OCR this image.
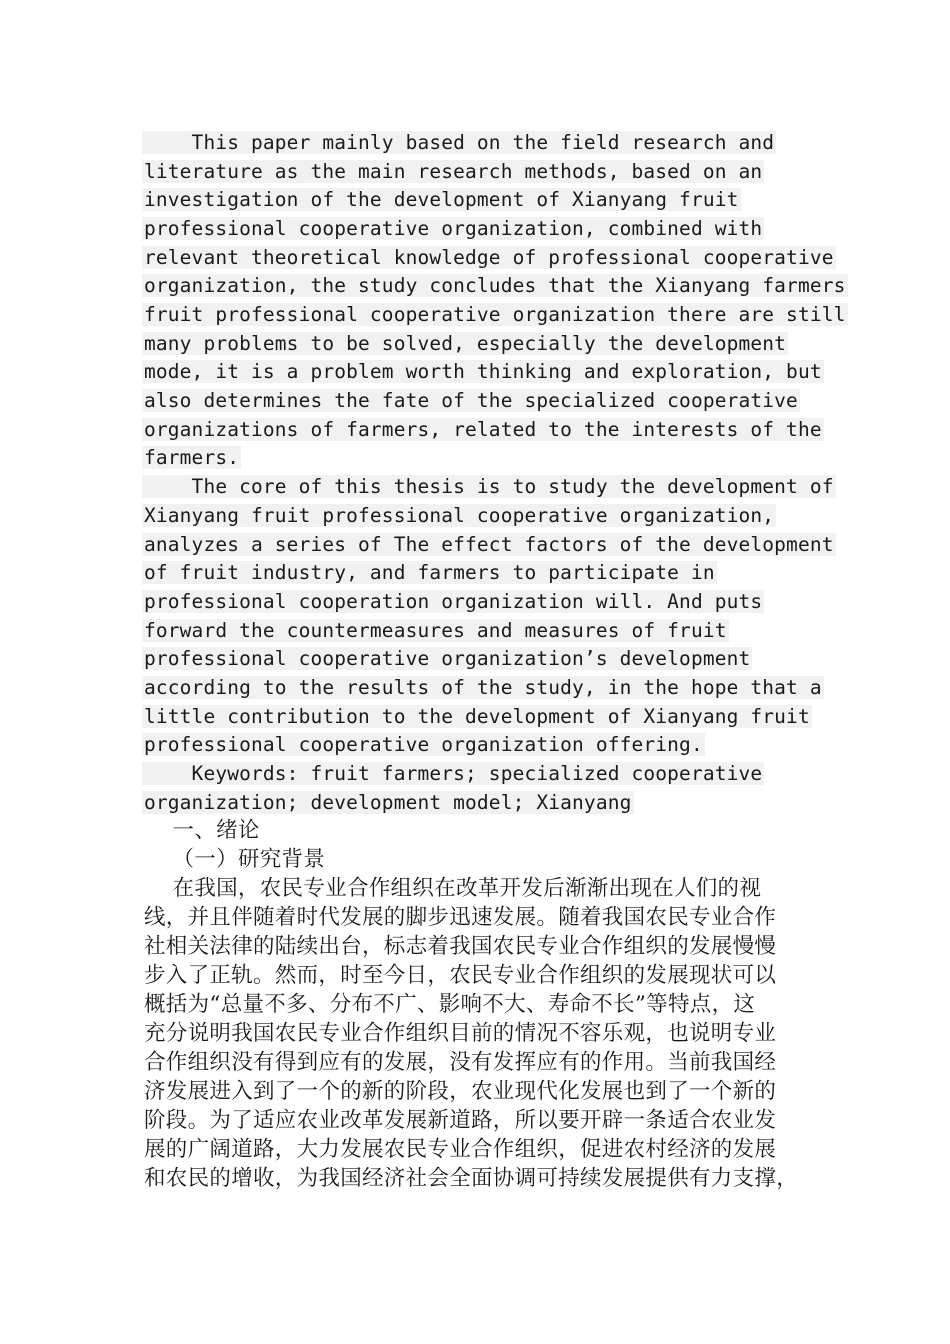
This paper mainly based on the field research and
literature as the main research methods, based on an
investigation of the development of Xianyang fruit
professional cooperative organization, combined with
relevant theoretical knowledge of professional cooperative
organization, the study concludes that the Xianyang farmers
fruit professional cooperative organization there are still
many problems to be solved, especially the development
mode, it is a problem worth thinking and exploration, but
also determines the fate of the specialized cooperative
organizations of farmers, related to the interests of the
farmers.
The core of this thesis is to study the development of
Xianyang fruit professional cooperative organization,
analyzes a series of The effect factors of the development
of fruit industry, and farmers to participate in
professional cooperation organization will. And puts
forward the countermeasures and measures of fruit
professional cooperative organization’s development
according to the results of the study, in the hope that a
little contribution to the development of Xianyang fruit
professional cooperative organization offering.
Keywords: fruit farmers; specialized cooperative
organization; development model; Xianyang
一、绪论
（一）研究背景
在我国，农民专业合作组织在改革开发后渐渐出现在人们的视
线，并且伴随着时代发展的脚步迅速发展。随着我国农民专业合作
社相关法律的陆续出台，标志着我国农民专业合作组织的发展慢慢
步入了正轨。然而，时至今日，农民专业合作组织的发展现状可以
概括为“总量不多、分布不广、影响不大、寿命不长”等特点，这
充分说明我国农民专业合作组织目前的情况不容乐观，也说明专业
合作组织没有得到应有的发展，没有发挥应有的作用。当前我国经
济发展进入到了一个的新的阶段，农业现代化发展也到了一个新的
阶段。为了适应农业改革发展新道路，所以要开辟一条适合农业发
展的广阔道路，大力发展农民专业合作组织，促进农村经济的发展
和农民的增收，为我国经济社会全面协调可持续发展提供有力支撑，
